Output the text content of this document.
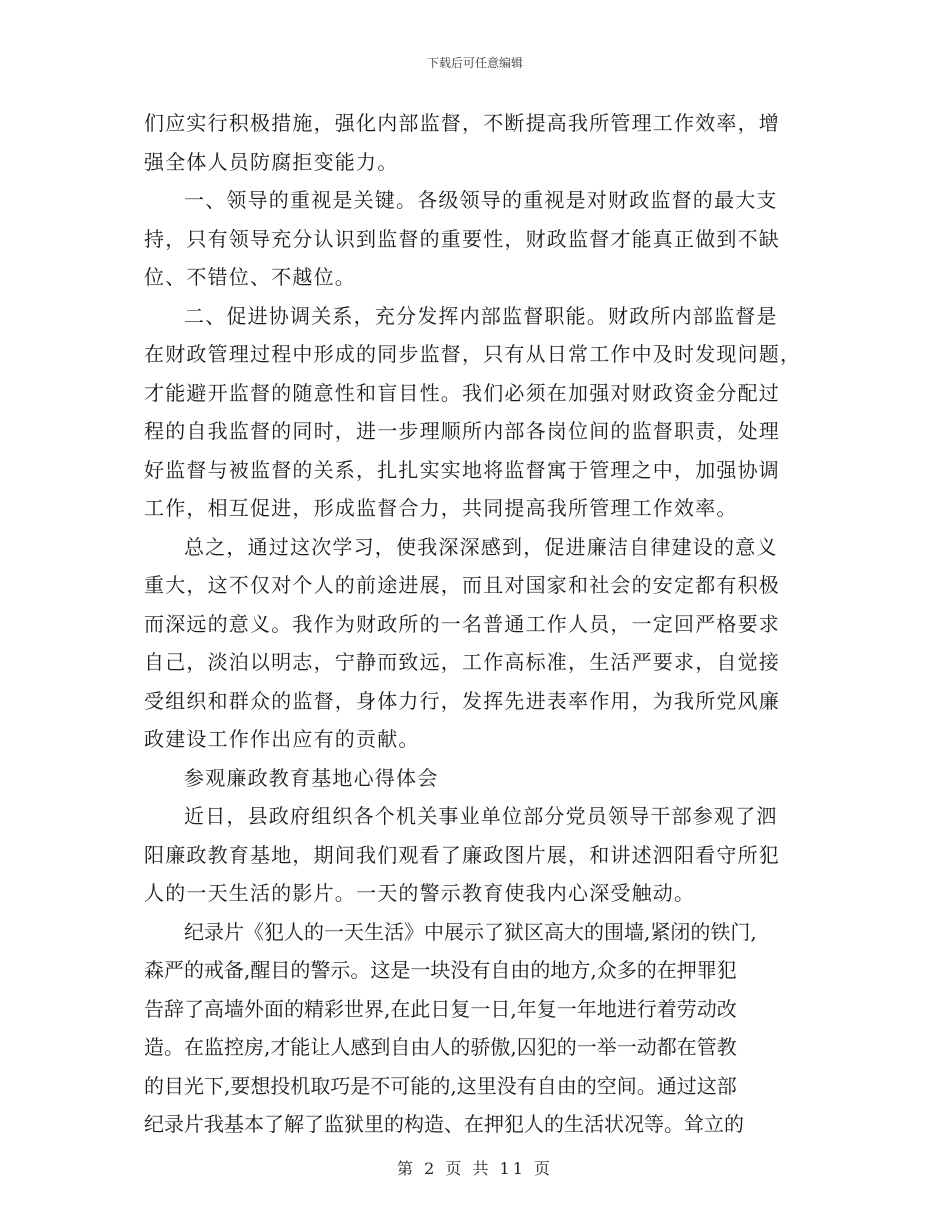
下载后可任意编辑
们应实行积极措施，强化内部监督，不断提高我所管理工作效率，增
强全体人员防腐拒变能力。
一、领导的重视是关键。各级领导的重视是对财政监督的最大支
持，只有领导充分认识到监督的重要性，财政监督才能真正做到不缺
位、不错位、不越位。
二、促进协调关系，充分发挥内部监督职能。财政所内部监督是
在财政管理过程中形成的同步监督，只有从日常工作中及时发现问题，
才能避开监督的随意性和盲目性。我们必须在加强对财政资金分配过
程的自我监督的同时，进一步理顺所内部各岗位间的监督职责，处理
好监督与被监督的关系，扎扎实实地将监督寓于管理之中，加强协调
工作，相互促进，形成监督合力，共同提高我所管理工作效率。
总之，通过这次学习，使我深深感到，促进廉洁自律建设的意义
重大，这不仅对个人的前途进展，而且对国家和社会的安定都有积极
而深远的意义。我作为财政所的一名普通工作人员，一定回严格要求
自己，淡泊以明志，宁静而致远，工作高标准，生活严要求，自觉接
受组织和群众的监督，身体力行，发挥先进表率作用，为我所党风廉
政建设工作作出应有的贡献。
参观廉政教育基地心得体会
近日，县政府组织各个机关事业单位部分党员领导干部参观了泗
阳廉政教育基地，期间我们观看了廉政图片展，和讲述泗阳看守所犯
人的一天生活的影片。一天的警示教育使我内心深受触动。
纪录片《犯人的一天生活》中展示了狱区高大的围墙,紧闭的铁门,
森严的戒备,醒目的警示。这是一块没有自由的地方,众多的在押罪犯
告辞了高墙外面的精彩世界,在此日复一日,年复一年地进行着劳动改
造。在监控房,才能让人感到自由人的骄傲,囚犯的一举一动都在管教
的目光下,要想投机取巧是不可能的,这里没有自由的空间。通过这部
纪录片我基本了解了监狱里的构造、在押犯人的生活状况等。耸立的
第 2 页 共 11 页
